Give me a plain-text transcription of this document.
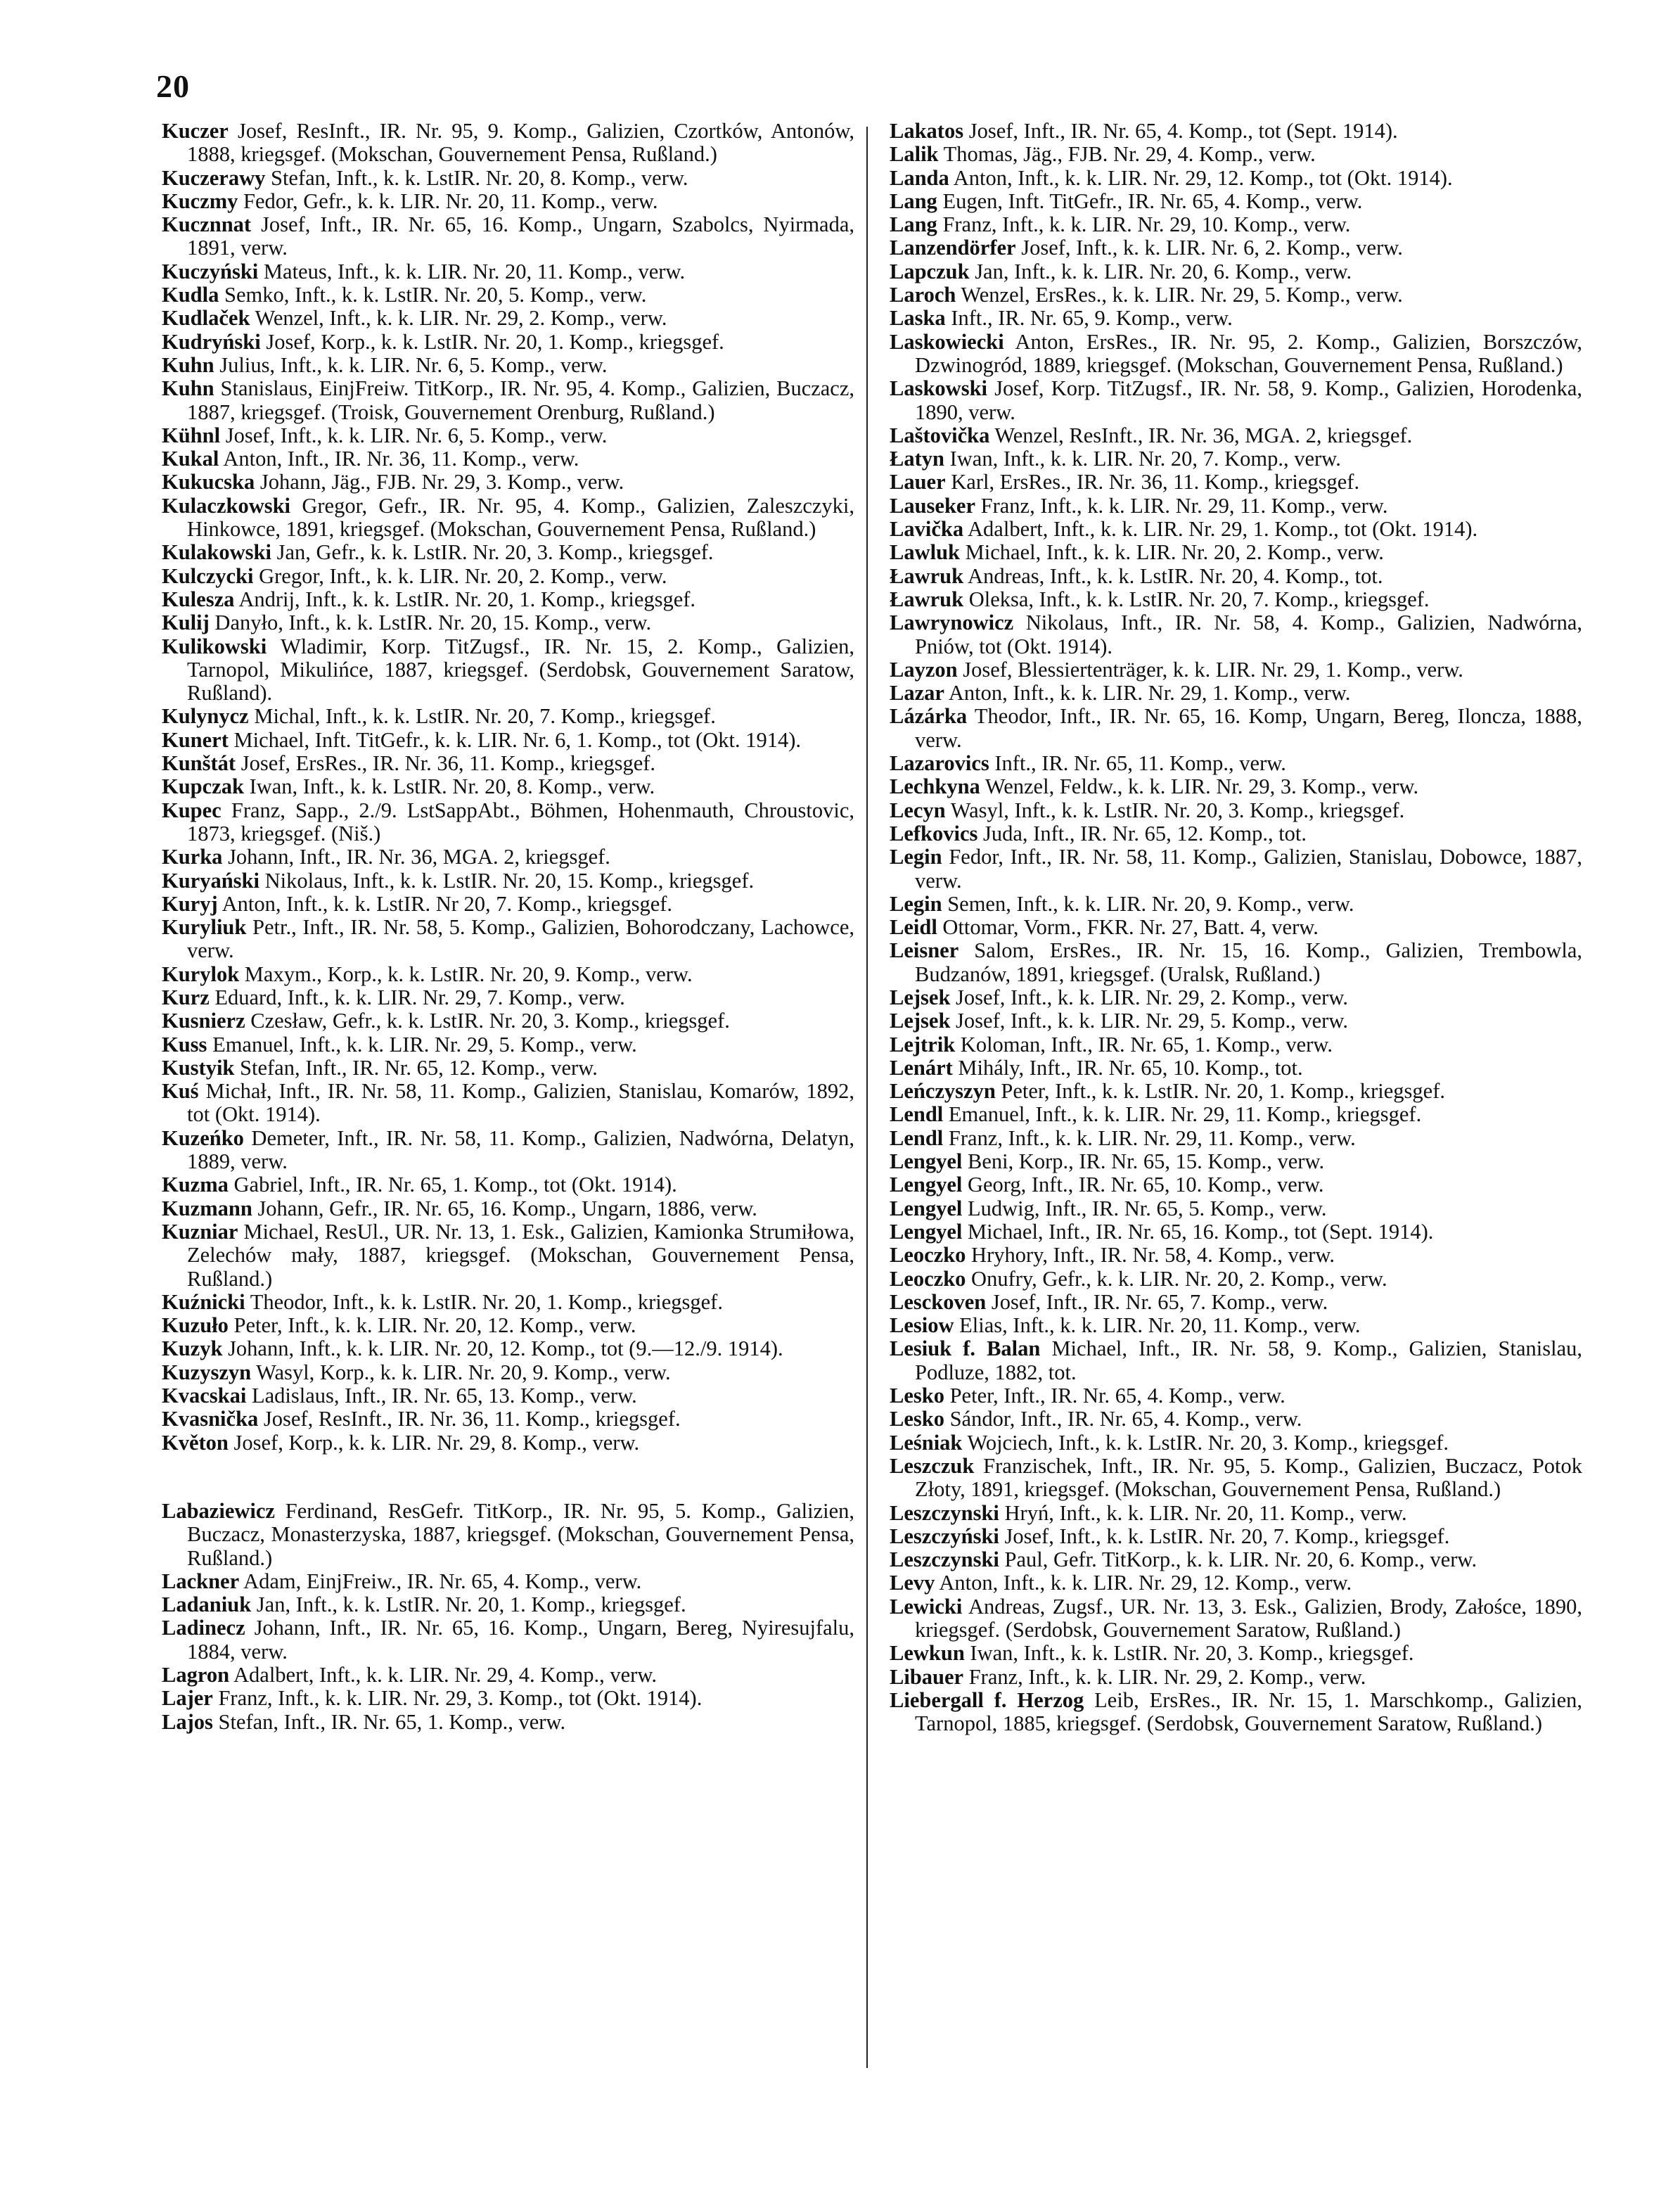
20

Kuczer Josef, ResInft., IR. Nr. 95, 9. Komp., Galizien, Czortków, Antonów, 1888, kriegsgef. (Mokschan, Gouvernement Pensa, Rußland.)

Kuczerawy Stefan, Inft., k. k. LstIR. Nr. 20, 8. Komp., verw.

Kuczmy Fedor, Gefr., k. k. LIR. Nr. 20, 11. Komp., verw.

Kucznnat Josef, Inft., IR. Nr. 65, 16. Komp., Ungarn, Szabolcs, Nyirmada, 1891, verw.

Kuczyński Mateus, Inft., k. k. LIR. Nr. 20, 11. Komp., verw.

Kudla Semko, Inft., k. k. LstIR. Nr. 20, 5. Komp., verw.

Kudlaček Wenzel, Inft., k. k. LIR. Nr. 29, 2. Komp., verw.

Kudryński Josef, Korp., k. k. LstIR. Nr. 20, 1. Komp., kriegsgef.

Kuhn Julius, Inft., k. k. LIR. Nr. 6, 5. Komp., verw.

Kuhn Stanislaus, EinjFreiw. TitKorp., IR. Nr. 95, 4. Komp., Galizien, Buczacz, 1887, kriegsgef. (Troisk, Gouvernement Orenburg, Rußland.)

Kühnl Josef, Inft., k. k. LIR. Nr. 6, 5. Komp., verw.

Kukal Anton, Inft., IR. Nr. 36, 11. Komp., verw.

Kukucska Johann, Jäg., FJB. Nr. 29, 3. Komp., verw.

Kulaczkowski Gregor, Gefr., IR. Nr. 95, 4. Komp., Galizien, Zaleszczyki, Hinkowce, 1891, kriegsgef. (Mokschan, Gouvernement Pensa, Rußland.)

Kulakowski Jan, Gefr., k. k. LstIR. Nr. 20, 3. Komp., kriegsgef.

Kulczycki Gregor, Inft., k. k. LIR. Nr. 20, 2. Komp., verw.

Kulesza Andrij, Inft., k. k. LstIR. Nr. 20, 1. Komp., kriegsgef.

Kulij Danyło, Inft., k. k. LstIR. Nr. 20, 15. Komp., verw.

Kulikowski Wladimir, Korp. TitZugsf., IR. Nr. 15, 2. Komp., Galizien, Tarnopol, Mikulińce, 1887, kriegsgef. (Serdobsk, Gouvernement Saratow, Rußland).

Kulynycz Michal, Inft., k. k. LstIR. Nr. 20, 7. Komp., kriegsgef.

Kunert Michael, Inft. TitGefr., k. k. LIR. Nr. 6, 1. Komp., tot (Okt. 1914).

Kunštát Josef, ErsRes., IR. Nr. 36, 11. Komp., kriegsgef.

Kupczak Iwan, Inft., k. k. LstIR. Nr. 20, 8. Komp., verw.

Kupec Franz, Sapp., 2./9. LstSappAbt., Böhmen, Hohenmauth, Chroustovic, 1873, kriegsgef. (Niš.)

Kurka Johann, Inft., IR. Nr. 36, MGA. 2, kriegsgef.

Kuryański Nikolaus, Inft., k. k. LstIR. Nr. 20, 15. Komp., kriegsgef.

Kuryj Anton, Inft., k. k. LstIR. Nr 20, 7. Komp., kriegsgef.

Kuryliuk Petr., Inft., IR. Nr. 58, 5. Komp., Galizien, Bohorodczany, Lachowce, verw.

Kurylok Maxym., Korp., k. k. LstIR. Nr. 20, 9. Komp., verw.

Kurz Eduard, Inft., k. k. LIR. Nr. 29, 7. Komp., verw.

Kusnierz Czesław, Gefr., k. k. LstIR. Nr. 20, 3. Komp., kriegsgef.

Kuss Emanuel, Inft., k. k. LIR. Nr. 29, 5. Komp., verw.

Kustyik Stefan, Inft., IR. Nr. 65, 12. Komp., verw.

Kuś Michał, Inft., IR. Nr. 58, 11. Komp., Galizien, Stanislau, Komarów, 1892, tot (Okt. 1914).

Kuzeńko Demeter, Inft., IR. Nr. 58, 11. Komp., Galizien, Nadwórna, Delatyn, 1889, verw.

Kuzma Gabriel, Inft., IR. Nr. 65, 1. Komp., tot (Okt. 1914).

Kuzmann Johann, Gefr., IR. Nr. 65, 16. Komp., Ungarn, 1886, verw.

Kuzniar Michael, ResUl., UR. Nr. 13, 1. Esk., Galizien, Kamionka Strumiłowa, Zelechów mały, 1887, kriegsgef. (Mokschan, Gouvernement Pensa, Rußland.)

Kuźnicki Theodor, Inft., k. k. LstIR. Nr. 20, 1. Komp., kriegsgef.

Kuzuło Peter, Inft., k. k. LIR. Nr. 20, 12. Komp., verw.

Kuzyk Johann, Inft., k. k. LIR. Nr. 20, 12. Komp., tot (9.—12./9. 1914).

Kuzyszyn Wasyl, Korp., k. k. LIR. Nr. 20, 9. Komp., verw.

Kvacskai Ladislaus, Inft., IR. Nr. 65, 13. Komp., verw.

Kvasnička Josef, ResInft., IR. Nr. 36, 11. Komp., kriegsgef.

Květon Josef, Korp., k. k. LIR. Nr. 29, 8. Komp., verw.

Labaziewicz Ferdinand, ResGefr. TitKorp., IR. Nr. 95, 5. Komp., Galizien, Buczacz, Monasterzyska, 1887, kriegsgef. (Mokschan, Gouvernement Pensa, Rußland.)

Lackner Adam, EinjFreiw., IR. Nr. 65, 4. Komp., verw.

Ladaniuk Jan, Inft., k. k. LstIR. Nr. 20, 1. Komp., kriegsgef.

Ladinecz Johann, Inft., IR. Nr. 65, 16. Komp., Ungarn, Bereg, Nyiresujfalu, 1884, verw.

Lagron Adalbert, Inft., k. k. LIR. Nr. 29, 4. Komp., verw.

Lajer Franz, Inft., k. k. LIR. Nr. 29, 3. Komp., tot (Okt. 1914).

Lajos Stefan, Inft., IR. Nr. 65, 1. Komp., verw.

Lakatos Josef, Inft., IR. Nr. 65, 4. Komp., tot (Sept. 1914).

Lalik Thomas, Jäg., FJB. Nr. 29, 4. Komp., verw.

Landa Anton, Inft., k. k. LIR. Nr. 29, 12. Komp., tot (Okt. 1914).

Lang Eugen, Inft. TitGefr., IR. Nr. 65, 4. Komp., verw.

Lang Franz, Inft., k. k. LIR. Nr. 29, 10. Komp., verw.

Lanzendörfer Josef, Inft., k. k. LIR. Nr. 6, 2. Komp., verw.

Lapczuk Jan, Inft., k. k. LIR. Nr. 20, 6. Komp., verw.

Laroch Wenzel, ErsRes., k. k. LIR. Nr. 29, 5. Komp., verw.

Laska Inft., IR. Nr. 65, 9. Komp., verw.

Laskowiecki Anton, ErsRes., IR. Nr. 95, 2. Komp., Galizien, Borszczów, Dzwinogród, 1889, kriegsgef. (Mokschan, Gouvernement Pensa, Rußland.)

Laskowski Josef, Korp. TitZugsf., IR. Nr. 58, 9. Komp., Galizien, Horodenka, 1890, verw.

Laštovička Wenzel, ResInft., IR. Nr. 36, MGA. 2, kriegsgef.

Łatyn Iwan, Inft., k. k. LIR. Nr. 20, 7. Komp., verw.

Lauer Karl, ErsRes., IR. Nr. 36, 11. Komp., kriegsgef.

Lauseker Franz, Inft., k. k. LIR. Nr. 29, 11. Komp., verw.

Lavička Adalbert, Inft., k. k. LIR. Nr. 29, 1. Komp., tot (Okt. 1914).

Lawluk Michael, Inft., k. k. LIR. Nr. 20, 2. Komp., verw.

Ławruk Andreas, Inft., k. k. LstIR. Nr. 20, 4. Komp., tot.

Ławruk Oleksa, Inft., k. k. LstIR. Nr. 20, 7. Komp., kriegsgef.

Lawrynowicz Nikolaus, Inft., IR. Nr. 58, 4. Komp., Galizien, Nadwórna, Pniów, tot (Okt. 1914).

Layzon Josef, Blessiertenträger, k. k. LIR. Nr. 29, 1. Komp., verw.

Lazar Anton, Inft., k. k. LIR. Nr. 29, 1. Komp., verw.

Lázárka Theodor, Inft., IR. Nr. 65, 16. Komp, Ungarn, Bereg, Iloncza, 1888, verw.

Lazarovics Inft., IR. Nr. 65, 11. Komp., verw.

Lechkyna Wenzel, Feldw., k. k. LIR. Nr. 29, 3. Komp., verw.

Lecyn Wasyl, Inft., k. k. LstIR. Nr. 20, 3. Komp., kriegsgef.

Lefkovics Juda, Inft., IR. Nr. 65, 12. Komp., tot.

Legin Fedor, Inft., IR. Nr. 58, 11. Komp., Galizien, Stanislau, Dobowce, 1887, verw.

Legin Semen, Inft., k. k. LIR. Nr. 20, 9. Komp., verw.

Leidl Ottomar, Vorm., FKR. Nr. 27, Batt. 4, verw.

Leisner Salom, ErsRes., IR. Nr. 15, 16. Komp., Galizien, Trembowla, Budzanów, 1891, kriegsgef. (Uralsk, Rußland.)

Lejsek Josef, Inft., k. k. LIR. Nr. 29, 2. Komp., verw.

Lejsek Josef, Inft., k. k. LIR. Nr. 29, 5. Komp., verw.

Lejtrik Koloman, Inft., IR. Nr. 65, 1. Komp., verw.

Lenárt Mihály, Inft., IR. Nr. 65, 10. Komp., tot.

Leńczyszyn Peter, Inft., k. k. LstIR. Nr. 20, 1. Komp., kriegsgef.

Lendl Emanuel, Inft., k. k. LIR. Nr. 29, 11. Komp., kriegsgef.

Lendl Franz, Inft., k. k. LIR. Nr. 29, 11. Komp., verw.

Lengyel Beni, Korp., IR. Nr. 65, 15. Komp., verw.

Lengyel Georg, Inft., IR. Nr. 65, 10. Komp., verw.

Lengyel Ludwig, Inft., IR. Nr. 65, 5. Komp., verw.

Lengyel Michael, Inft., IR. Nr. 65, 16. Komp., tot (Sept. 1914).

Leoczko Hryhory, Inft., IR. Nr. 58, 4. Komp., verw.

Leoczko Onufry, Gefr., k. k. LIR. Nr. 20, 2. Komp., verw.

Lesckoven Josef, Inft., IR. Nr. 65, 7. Komp., verw.

Lesiow Elias, Inft., k. k. LIR. Nr. 20, 11. Komp., verw.

Lesiuk f. Balan Michael, Inft., IR. Nr. 58, 9. Komp., Galizien, Stanislau, Podluze, 1882, tot.

Lesko Peter, Inft., IR. Nr. 65, 4. Komp., verw.

Lesko Sándor, Inft., IR. Nr. 65, 4. Komp., verw.

Leśniak Wojciech, Inft., k. k. LstIR. Nr. 20, 3. Komp., kriegsgef.

Leszczuk Franzischek, Inft., IR. Nr. 95, 5. Komp., Galizien, Buczacz, Potok Złoty, 1891, kriegsgef. (Mokschan, Gouvernement Pensa, Rußland.)

Leszczynski Hryń, Inft., k. k. LIR. Nr. 20, 11. Komp., verw.

Leszczyński Josef, Inft., k. k. LstIR. Nr. 20, 7. Komp., kriegsgef.

Leszczynski Paul, Gefr. TitKorp., k. k. LIR. Nr. 20, 6. Komp., verw.

Levy Anton, Inft., k. k. LIR. Nr. 29, 12. Komp., verw.

Lewicki Andreas, Zugsf., UR. Nr. 13, 3. Esk., Galizien, Brody, Załośce, 1890, kriegsgef. (Serdobsk, Gouvernement Saratow, Rußland.)

Lewkun Iwan, Inft., k. k. LstIR. Nr. 20, 3. Komp., kriegsgef.

Libauer Franz, Inft., k. k. LIR. Nr. 29, 2. Komp., verw.

Liebergall f. Herzog Leib, ErsRes., IR. Nr. 15, 1. Marschkomp., Galizien, Tarnopol, 1885, kriegsgef. (Serdobsk, Gouvernement Saratow, Rußland.)
